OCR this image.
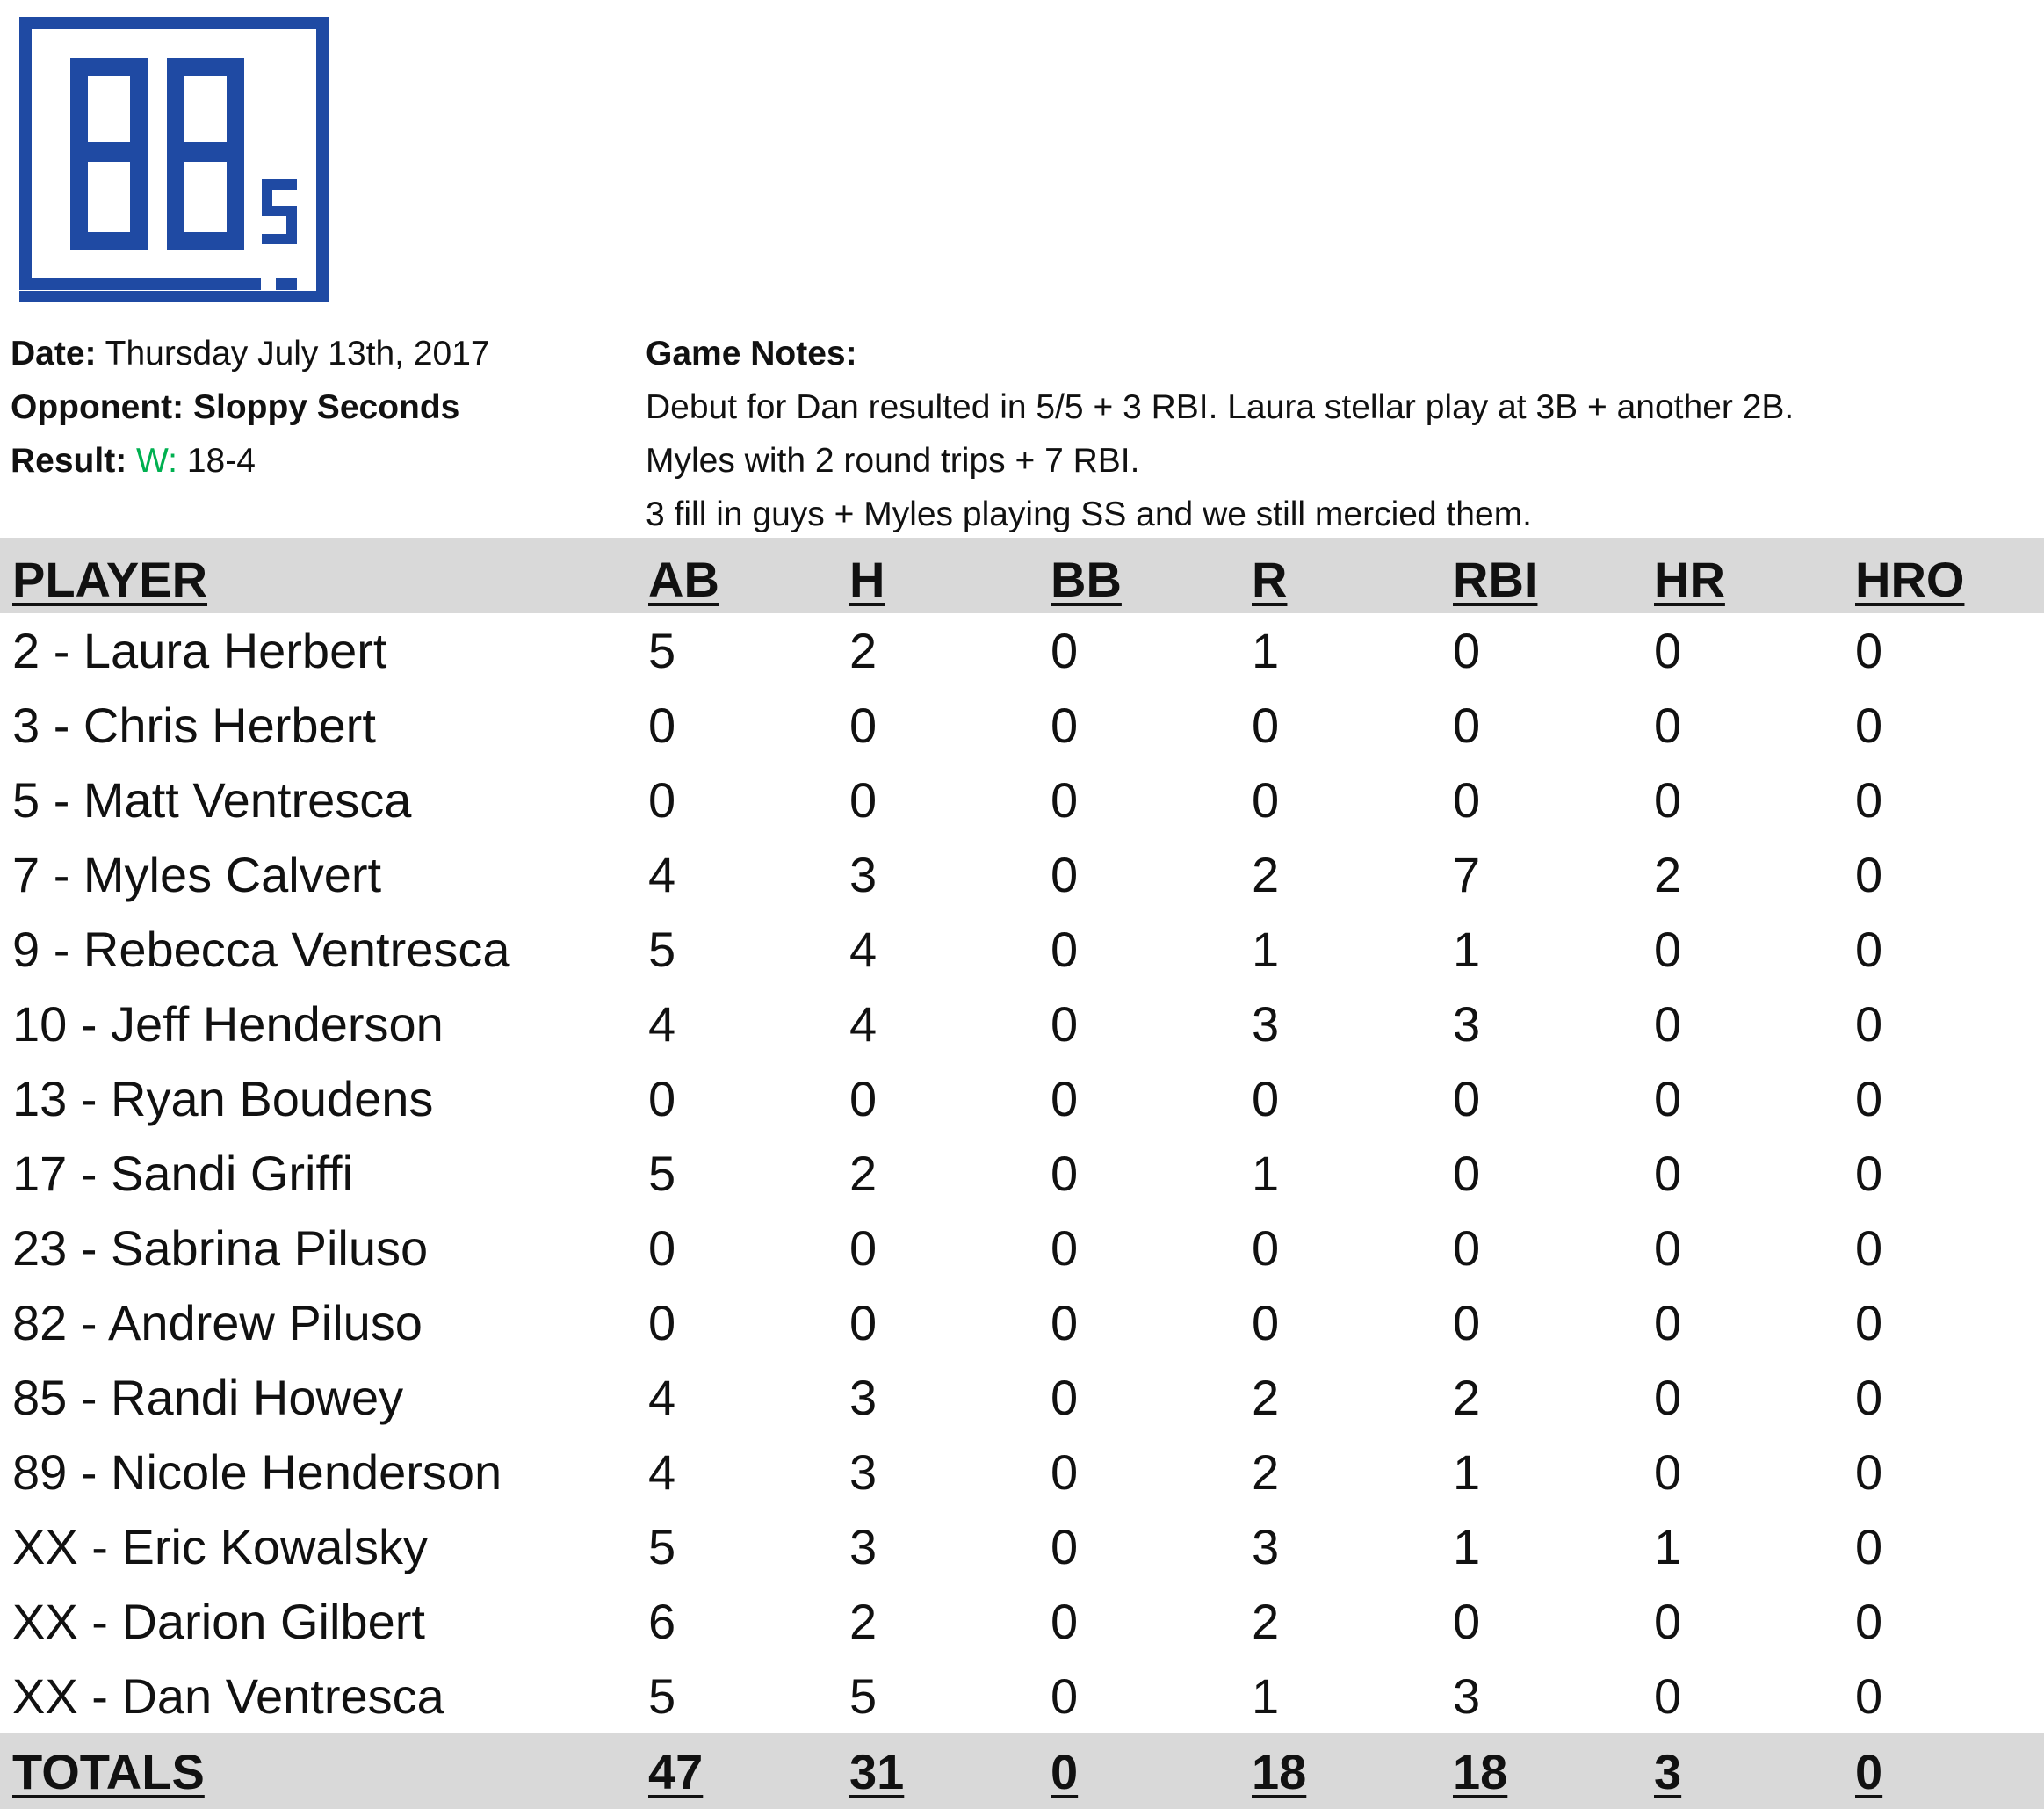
Date: Thursday July 13th, 2017
Opponent: Sloppy Seconds
Result: W: 18-4
Game Notes:
Debut for Dan resulted in 5/5 + 3 RBI. Laura stellar play at 3B + another 2B.
Myles with 2 round trips + 7 RBI.
3 fill in guys + Myles playing SS and we still mercied them.
PLAYER	AB	H	BB	R	RBI	HR	HRO
2 - Laura Herbert	5	2	0	1	0	0	0
3 - Chris Herbert	0	0	0	0	0	0	0
5 - Matt Ventresca	0	0	0	0	0	0	0
7 - Myles Calvert	4	3	0	2	7	2	0
9 - Rebecca Ventresca	5	4	0	1	1	0	0
10 - Jeff Henderson	4	4	0	3	3	0	0
13 - Ryan Boudens	0	0	0	0	0	0	0
17 - Sandi Griffi	5	2	0	1	0	0	0
23 - Sabrina Piluso	0	0	0	0	0	0	0
82 - Andrew Piluso	0	0	0	0	0	0	0
85 - Randi Howey	4	3	0	2	2	0	0
89 - Nicole Henderson	4	3	0	2	1	0	0
XX - Eric Kowalsky	5	3	0	3	1	1	0
XX - Darion Gilbert	6	2	0	2	0	0	0
XX - Dan Ventresca	5	5	0	1	3	0	0
TOTALS	47	31	0	18	18	3	0
